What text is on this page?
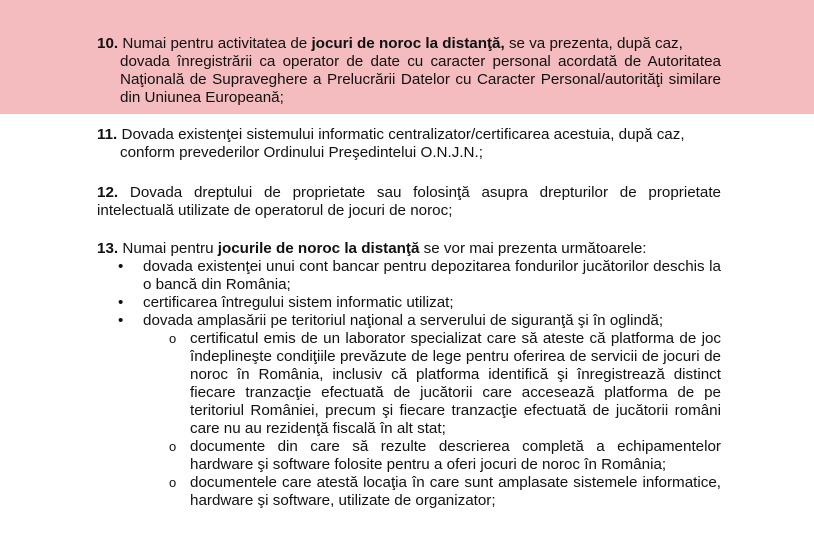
10. Numai pentru activitatea de jocuri de noroc la distanţă, se va prezenta, după caz,

dovada înregistrării ca operator de date cu caracter personal acordată de Autoritatea Naţională de Supraveghere a Prelucrării Datelor cu Caracter Personal/autorităţi similare din Uniunea Europeană;

11. Dovada existenţei sistemului informatic centralizator/certificarea acestuia, după caz,

conform prevederilor Ordinului Preşedintelui O.N.J.N.;

12. Dovada dreptului de proprietate sau folosinţă asupra drepturilor de proprietate intelectuală utilizate de operatorul de jocuri de noroc;

13. Numai pentru jocurile de noroc la distanţă se vor mai prezenta următoarele:

• dovada existenţei unui cont bancar pentru depozitarea fondurilor jucătorilor deschis la o bancă din România;
• certificarea întregului sistem informatic utilizat;
• dovada amplasării pe teritoriul naţional a serverului de siguranţă şi în oglindă;
o certificatul emis de un laborator specializat care să ateste că platforma de joc îndeplineşte condiţiile prevăzute de lege pentru oferirea de servicii de jocuri de noroc în România, inclusiv că platforma identifică şi înregistrează distinct fiecare tranzacţie efectuată de jucătorii care accesează platforma de pe teritoriul României, precum şi fiecare tranzacţie efectuată de jucătorii români care nu au rezidenţă fiscală în alt stat;
o documente din care să rezulte descrierea completă a echipamentelor hardware şi software folosite pentru a oferi jocuri de noroc în România;
o documentele care atestă locaţia în care sunt amplasate sistemele informatice, hardware şi software, utilizate de organizator;
